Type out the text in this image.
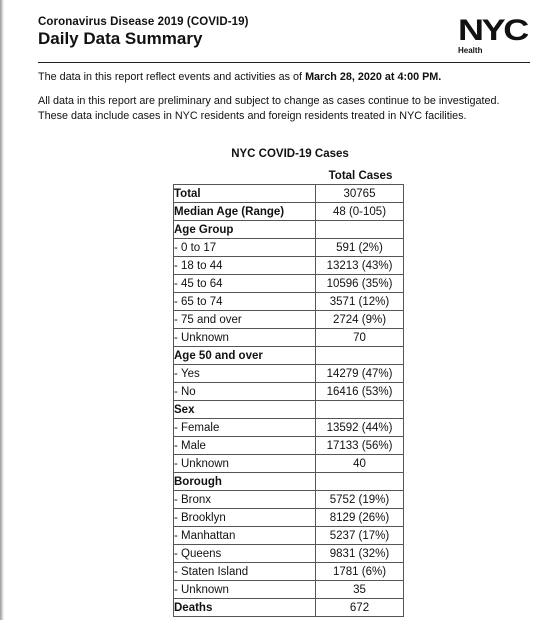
Coronavirus Disease 2019 (COVID-19)
Daily Data Summary	NYC
Health

The data in this report reflect events and activities as of March 28, 2020 at 4:00 PM.

All data in this report are preliminary and subject to change as cases continue to be investigated.
These data include cases in NYC residents and foreign residents treated in NYC facilities.

NYC COVID-19 Cases
Total Cases
Total	30765
Median Age (Range)	48 (0-105)
Age Group	
- 0 to 17	591 (2%)
- 18 to 44	13213 (43%)
- 45 to 64	10596 (35%)
- 65 to 74	3571 (12%)
- 75 and over	2724 (9%)
- Unknown	70
Age 50 and over	
- Yes	14279 (47%)
- No	16416 (53%)
Sex	
- Female	13592 (44%)
- Male	17133 (56%)
- Unknown	40
Borough	
- Bronx	5752 (19%)
- Brooklyn	8129 (26%)
- Manhattan	5237 (17%)
- Queens	9831 (32%)
- Staten Island	1781 (6%)
- Unknown	35
Deaths	672
